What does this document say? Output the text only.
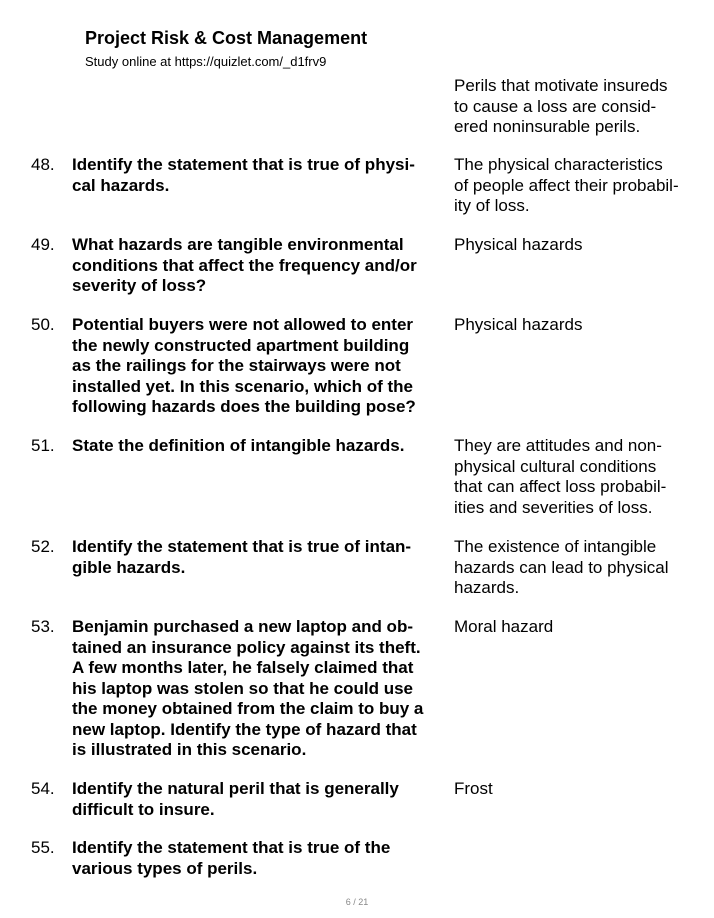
Project Risk & Cost Management
Study online at https://quizlet.com/_d1frv9
Perils that motivate insureds
to cause a loss are consid-
ered noninsurable perils.
48. Identify the statement that is true of physi-
cal hazards.
The physical characteristics
of people affect their probabil-
ity of loss.
49. What hazards are tangible environmental
conditions that affect the frequency and/or
severity of loss?
Physical hazards
50. Potential buyers were not allowed to enter
the newly constructed apartment building
as the railings for the stairways were not
installed yet. In this scenario, which of the
following hazards does the building pose?
Physical hazards
51. State the definition of intangible hazards.	They are attitudes and non-
physical cultural conditions
that can affect loss probabil-
ities and severities of loss.
52. Identify the statement that is true of intan-
gible hazards.
The existence of intangible
hazards can lead to physical
hazards.
53. Benjamin purchased a new laptop and ob-
tained an insurance policy against its theft.
A few months later, he falsely claimed that
his laptop was stolen so that he could use
the money obtained from the claim to buy a
new laptop. Identify the type of hazard that
is illustrated in this scenario.
Moral hazard
54. Identify the natural peril that is generally
difficult to insure.
Frost
55. Identify the statement that is true of the
various types of perils.
6 / 21
